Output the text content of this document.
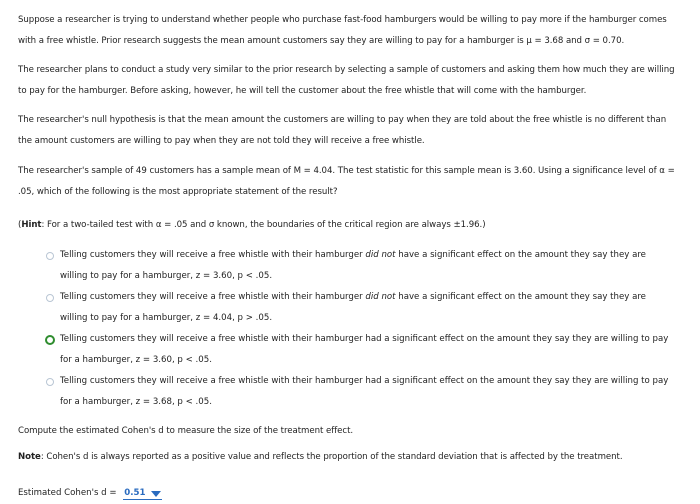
Suppose a researcher is trying to understand whether people who purchase fast-food hamburgers would be willing to pay more if the hamburger comes with a free whistle. Prior research suggests the mean amount customers say they are willing to pay for a hamburger is μ = 3.68 and σ = 0.70.

The researcher plans to conduct a study very similar to the prior research by selecting a sample of customers and asking them how much they are willing to pay for the hamburger. Before asking, however, he will tell the customer about the free whistle that will come with the hamburger.

The researcher's null hypothesis is that the mean amount the customers are willing to pay when they are told about the free whistle is no different than the amount customers are willing to pay when they are not told they will receive a free whistle.

The researcher's sample of 49 customers has a sample mean of M = 4.04. The test statistic for this sample mean is 3.60. Using a significance level of α = .05, which of the following is the most appropriate statement of the result?

(Hint: For a two-tailed test with α = .05 and σ known, the boundaries of the critical region are always ±1.96.)

Telling customers they will receive a free whistle with their hamburger did not have a significant effect on the amount they say they are willing to pay for a hamburger, z = 3.60, p < .05.
Telling customers they will receive a free whistle with their hamburger did not have a significant effect on the amount they say they are willing to pay for a hamburger, z = 4.04, p > .05.
Telling customers they will receive a free whistle with their hamburger had a significant effect on the amount they say they are willing to pay for a hamburger, z = 3.60, p < .05.
Telling customers they will receive a free whistle with their hamburger had a significant effect on the amount they say they are willing to pay for a hamburger, z = 3.68, p < .05.

Compute the estimated Cohen's d to measure the size of the treatment effect.

Note: Cohen's d is always reported as a positive value and reflects the proportion of the standard deviation that is affected by the treatment.

Estimated Cohen's d = 0.51
